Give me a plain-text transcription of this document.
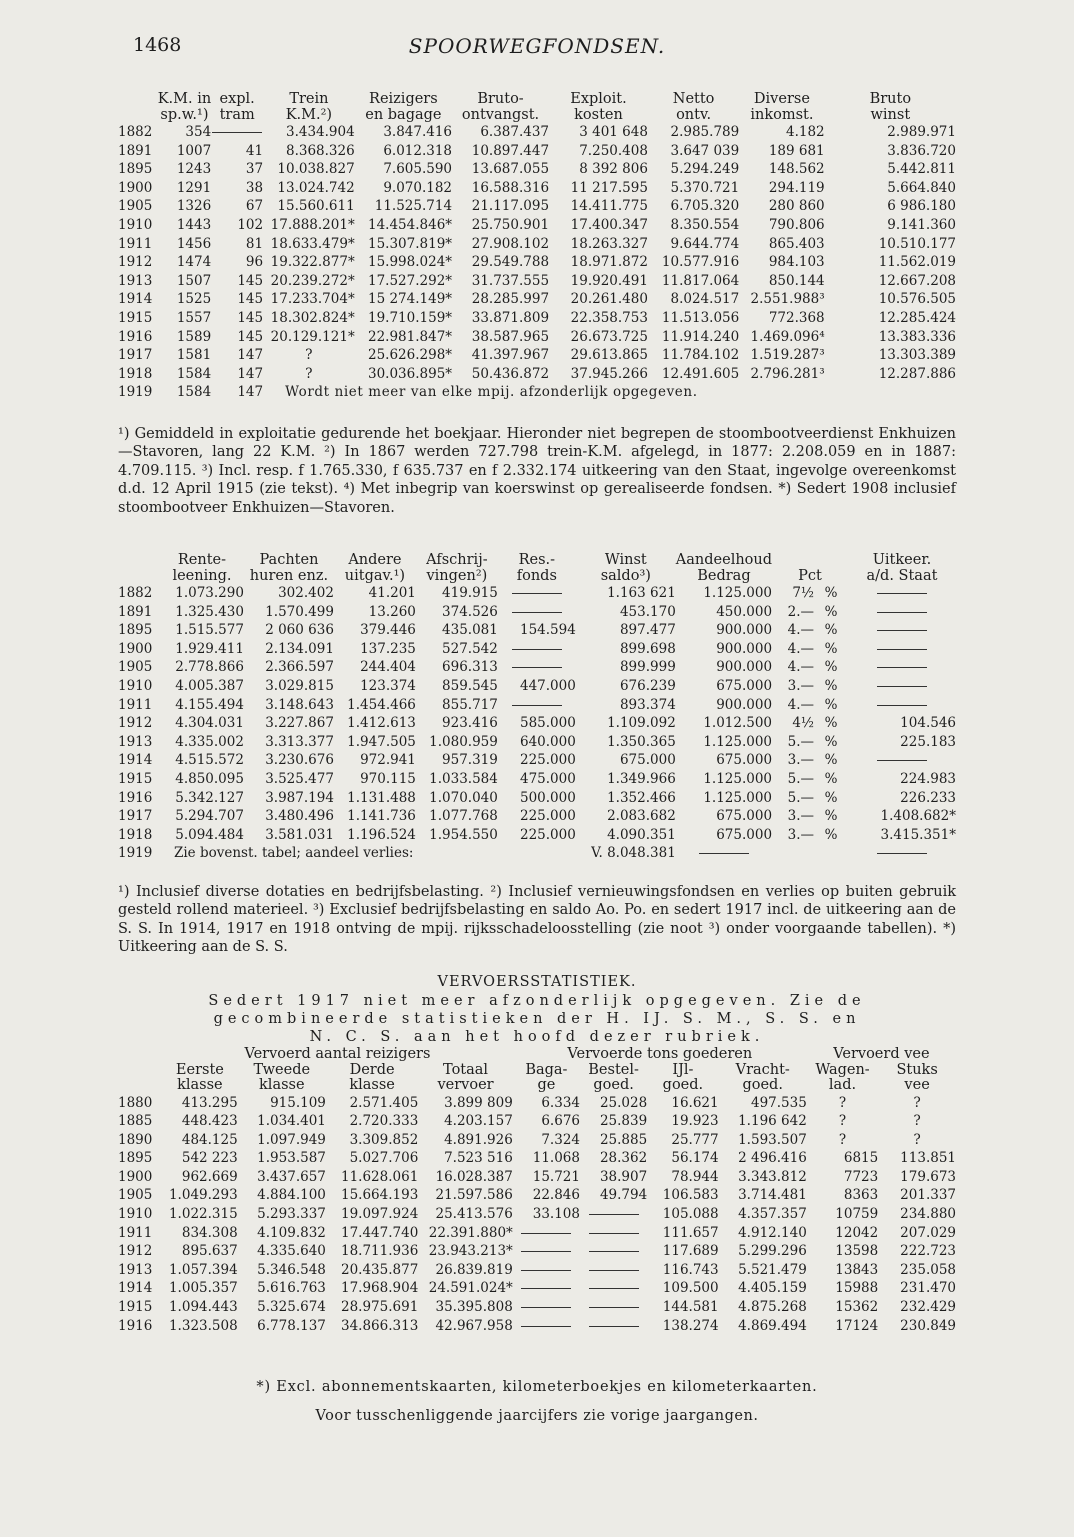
1468	SPOORWEGFONDSEN.
	K.M. in	expl.	Trein	Reizigers	Bruto-	Exploit.	Netto	Diverse	Bruto
	sp.w.¹)	tram	K.M.²)	en bagage	ontvangst.	kosten	ontv.	inkomst.	winst
1882	354		3.434.904	3.847.416	6.387.437	3 401 648	2.985.789	4.182	2.989.971
1891	1007	41	8.368.326	6.012.318	10.897.447	7.250.408	3.647 039	189 681	3.836.720
1895	1243	37	10.038.827	7.605.590	13.687.055	8 392 806	5.294.249	148.562	5.442.811
1900	1291	38	13.024.742	9.070.182	16.588.316	11 217.595	5.370.721	294.119	5.664.840
1905	1326	67	15.560.611	11.525.714	21.117.095	14.411.775	6.705.320	280 860	6 986.180
1910	1443	102	17.888.201*	14.454.846*	25.750.901	17.400.347	8.350.554	790.806	9.141.360
1911	1456	81	18.633.479*	15.307.819*	27.908.102	18.263.327	9.644.774	865.403	10.510.177
1912	1474	96	19.322.877*	15.998.024*	29.549.788	18.971.872	10.577.916	984.103	11.562.019
1913	1507	145	20.239.272*	17.527.292*	31.737.555	19.920.491	11.817.064	850.144	12.667.208
1914	1525	145	17.233.704*	15 274.149*	28.285.997	20.261.480	8.024.517	2.551.988³	10.576.505
1915	1557	145	18.302.824*	19.710.159*	33.871.809	22.358.753	11.513.056	772.368	12.285.424
1916	1589	145	20.129.121*	22.981.847*	38.587.965	26.673.725	11.914.240	1.469.096⁴	13.383.336
1917	1581	147	?	25.626.298*	41.397.967	29.613.865	11.784.102	1.519.287³	13.303.389
1918	1584	147	?	30.036.895*	50.436.872	37.945.266	12.491.605	2.796.281³	12.287.886
1919	1584	147	Wordt niet meer van elke mpij. afzonderlijk opgegeven.						
¹) Gemiddeld in exploitatie gedurende het boekjaar. Hieronder niet begrepen de stoombootveerdienst Enkhuizen—Stavoren, lang 22 K.M. ²) In 1867 werden 727.798 trein-K.M. afgelegd, in 1877: 2.208.059 en in 1887: 4.709.115. ³) Incl. resp. f 1.765.330, f 635.737 en f 2.332.174 uitkeering van den Staat, ingevolge overeenkomst d.d. 12 April 1915 (zie tekst). ⁴) Met inbegrip van koerswinst op gerealiseerde fondsen. *) Sedert 1908 inclusief stoombootveer Enkhuizen—Stavoren.
	Rente-	Pachten	Andere	Afschrij-	Res.-	Winst	Aandeelhoud			Uitkeer.
	leening.	huren enz.	uitgav.¹)	vingen²)	fonds	saldo³)	Bedrag	Pct		a/d. Staat
1882	1.073.290	302.402	41.201	419.915		1.163 621	1.125.000	7½	%	
1891	1.325.430	1.570.499	13.260	374.526		453.170	450.000	2.—	%	
1895	1.515.577	2 060 636	379.446	435.081	154.594	897.477	900.000	4.—	%	
1900	1.929.411	2.134.091	137.235	527.542		899.698	900.000	4.—	%	
1905	2.778.866	2.366.597	244.404	696.313		899.999	900.000	4.—	%	
1910	4.005.387	3.029.815	123.374	859.545	447.000	676.239	675.000	3.—	%	
1911	4.155.494	3.148.643	1.454.466	855.717		893.374	900.000	4.—	%	
1912	4.304.031	3.227.867	1.412.613	923.416	585.000	1.109.092	1.012.500	4½	%	104.546
1913	4.335.002	3.313.377	1.947.505	1.080.959	640.000	1.350.365	1.125.000	5.—	%	225.183
1914	4.515.572	3.230.676	972.941	957.319	225.000	675.000	675.000	3.—	%	
1915	4.850.095	3.525.477	970.115	1.033.584	475.000	1.349.966	1.125.000	5.—	%	224.983
1916	5.342.127	3.987.194	1.131.488	1.070.040	500.000	1.352.466	1.125.000	5.—	%	226.233
1917	5.294.707	3.480.496	1.141.736	1.077.768	225.000	2.083.682	675.000	3.—	%	1.408.682*
1918	5.094.484	3.581.031	1.196.524	1.954.550	225.000	4.090.351	675.000	3.—	%	3.415.351*
1919	Zie bovenst. tabel; aandeel verlies:					V. 8.048.381				
¹) Inclusief diverse dotaties en bedrijfsbelasting. ²) Inclusief vernieuwingsfondsen en verlies op buiten gebruik gesteld rollend materieel. ³) Exclusief bedrijfsbelasting en saldo Ao. Po. en sedert 1917 incl. de uitkeering aan de S. S. In 1914, 1917 en 1918 ontving de mpij. rijksschadeloosstelling (zie noot ³) onder voorgaande tabellen). *) Uitkeering aan de S. S.
VERVOERSSTATISTIEK.
Sedert 1917 niet meer afzonderlijk opgegeven. Zie de
gecombineerde statistieken der H. IJ. S. M., S. S. en
N. C. S. aan het hoofd dezer rubriek.
	Vervoerd aantal reizigers				Vervoerde tons goederen				Vervoerd vee	
	Eerste	Tweede	Derde	Totaal	Baga-	Bestel-	IJl-	Vracht-	Wagen-	Stuks
	klasse	klasse	klasse	vervoer	ge	goed.	goed.	goed.	lad.	vee
1880	413.295	915.109	2.571.405	3.899 809	6.334	25.028	16.621	497.535	?	?
1885	448.423	1.034.401	2.720.333	4.203.157	6.676	25.839	19.923	1.196 642	?	?
1890	484.125	1.097.949	3.309.852	4.891.926	7.324	25.885	25.777	1.593.507	?	?
1895	542 223	1.953.587	5.027.706	7.523 516	11.068	28.362	56.174	2 496.416	6815	113.851
1900	962.669	3.437.657	11.628.061	16.028.387	15.721	38.907	78.944	3.343.812	7723	179.673
1905	1.049.293	4.884.100	15.664.193	21.597.586	22.846	49.794	106.583	3.714.481	8363	201.337
1910	1.022.315	5.293.337	19.097.924	25.413.576	33.108		105.088	4.357.357	10759	234.880
1911	834.308	4.109.832	17.447.740	22.391.880*			111.657	4.912.140	12042	207.029
1912	895.637	4.335.640	18.711.936	23.943.213*			117.689	5.299.296	13598	222.723
1913	1.057.394	5.346.548	20.435.877	26.839.819			116.743	5.521.479	13843	235.058
1914	1.005.357	5.616.763	17.968.904	24.591.024*			109.500	4.405.159	15988	231.470
1915	1.094.443	5.325.674	28.975.691	35.395.808			144.581	4.875.268	15362	232.429
1916	1.323.508	6.778.137	34.866.313	42.967.958			138.274	4.869.494	17124	230.849
*) Excl. abonnementskaarten, kilometerboekjes en kilometerkaarten.
Voor tusschenliggende jaarcijfers zie vorige jaargangen.
